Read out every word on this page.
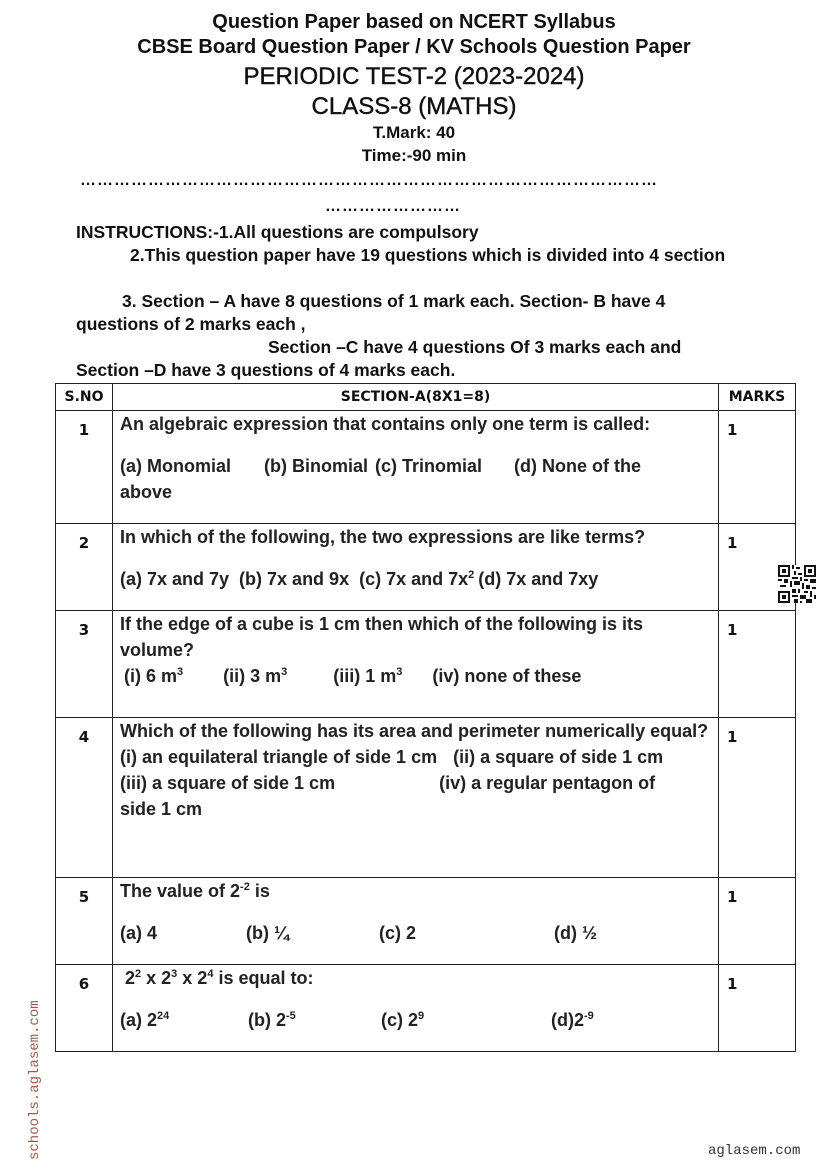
Question Paper based on NCERT Syllabus
CBSE Board Question Paper / KV Schools Question Paper
PERIODIC TEST-2 (2023-2024)
CLASS-8 (MATHS)
T.Mark: 40
Time:-90 min
…………………………………………………………………………………………
……………………
INSTRUCTIONS:-1.All questions are compulsory
2.This question paper have 19 questions which is divided into 4 section
3. Section – A have 8 questions of 1 mark each. Section- B have 4 questions of 2 marks each ,
Section –C have 4 questions Of 3 marks each and Section –D have 3 questions of 4 marks each.
S.NO	SECTION-A(8X1=8)	MARKS
1	An algebraic expression that contains only one term is called:
(a) Monomial (b) Binomial (c) Trinomial (d) None of the
above	1
2	In which of the following, the two expressions are like terms?
(a) 7x and 7y (b) 7x and 9x (c) 7x and $7x^2$ (d) 7x and 7xy	1
3	If the edge of a cube is 1 cm then which of the following is its volume?
(i) 6 $m^3$ (ii) 3 $m^3$ (iii) 1 $m^3$ (iv) none of these	1
4	Which of the following has its area and perimeter numerically equal?
(i) an equilateral triangle of side 1 cm (ii) a square of side 1 cm
(iii) a square of side 1 cm (iv) a regular pentagon of
side 1 cm	1
5	The value of $2^{-2}$ is
(a) 4 (b) ¼ (c) 2 (d) ½	1
6	$2^2$ x $2^3$ x $2^4$ is equal to:
(a) $2^{24}$ (b) $2^{-5}$ (c) $2^9$ $(d)2^{-9}$	1
schools.aglasem.com	aglasem.com
